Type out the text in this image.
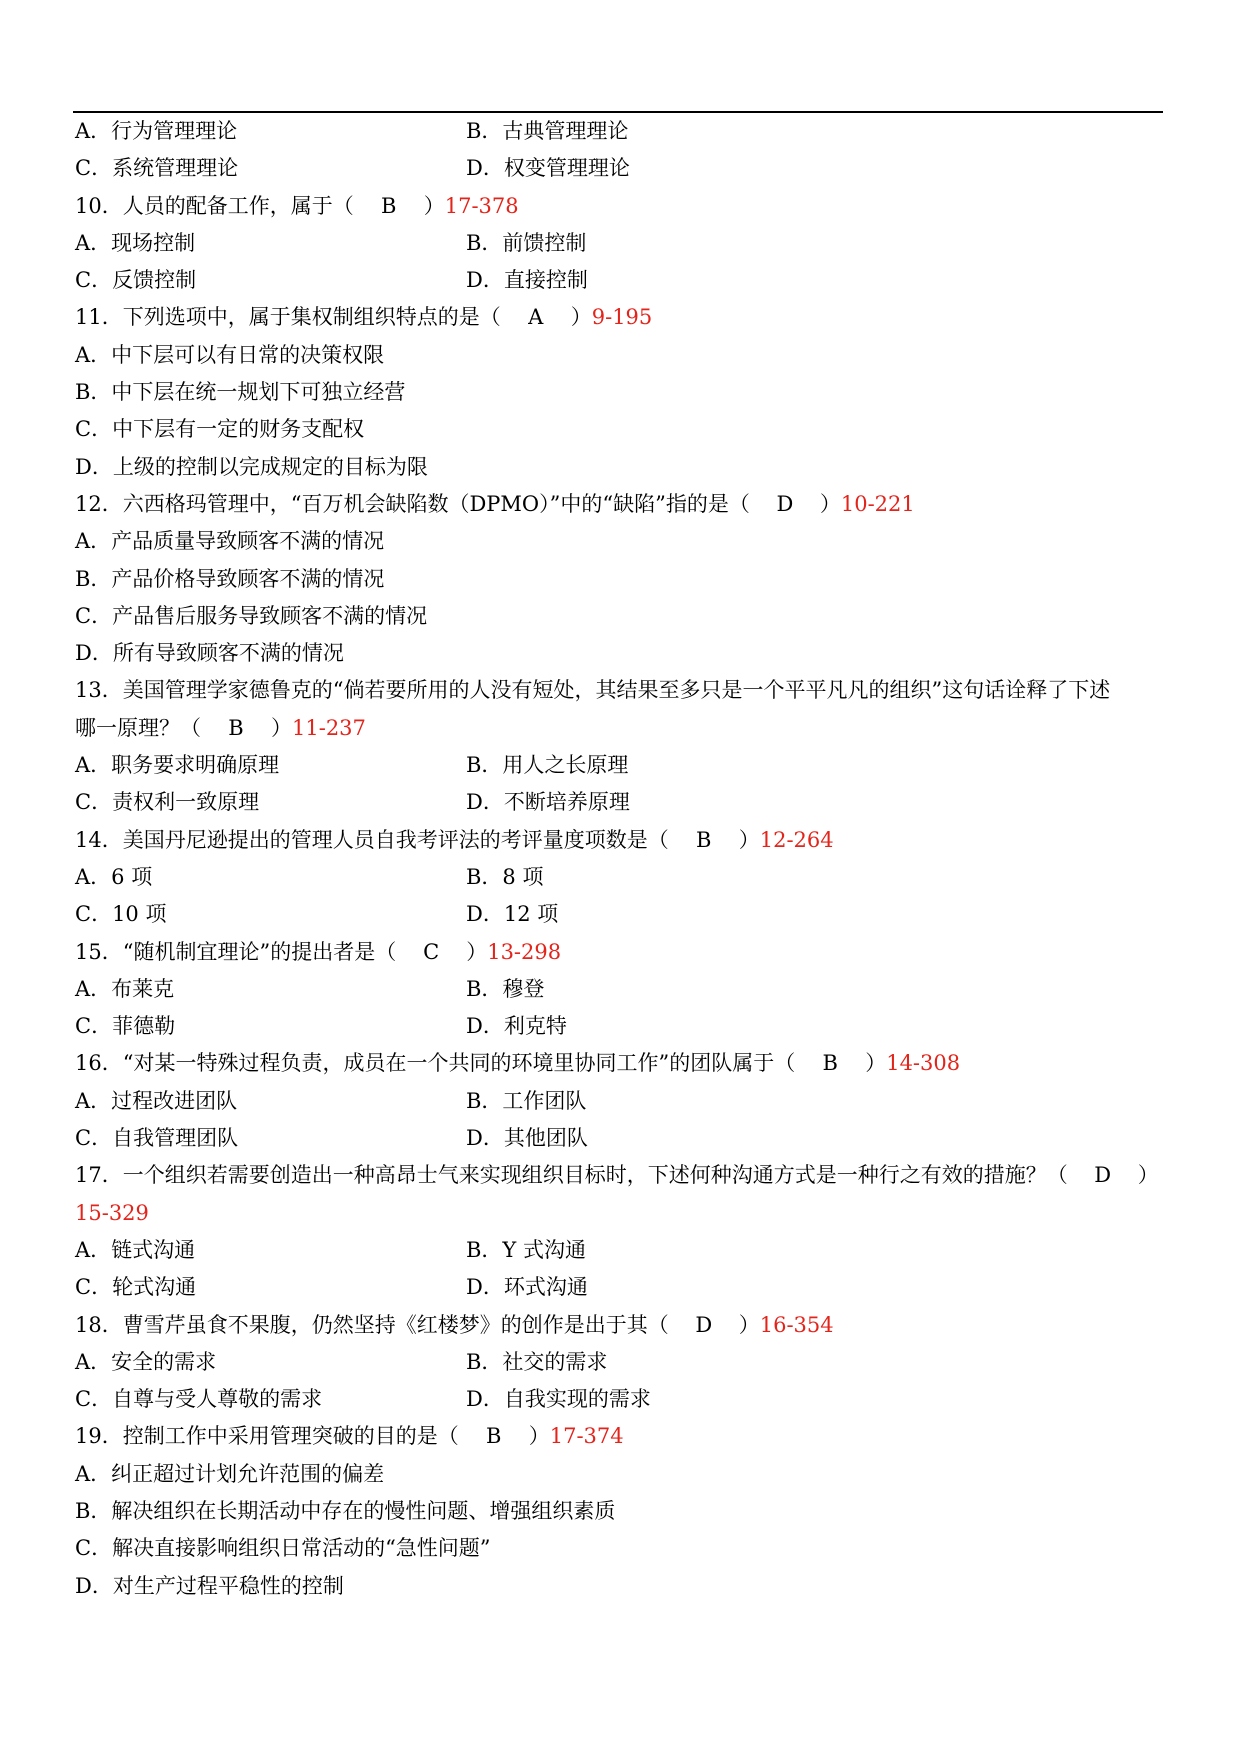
A．行为管理理论	B．古典管理理论
C．系统管理理论	D．权变管理理论
10．人员的配备工作，属于（ B ）17-378
A．现场控制	B．前馈控制
C．反馈控制	D．直接控制
11．下列选项中，属于集权制组织特点的是（ A ）9-195
A．中下层可以有日常的决策权限
B．中下层在统一规划下可独立经营
C．中下层有一定的财务支配权
D．上级的控制以完成规定的目标为限
12．六西格玛管理中，“百万机会缺陷数（DPMO）”中的“缺陷”指的是（ D ）10-221
A．产品质量导致顾客不满的情况
B．产品价格导致顾客不满的情况
C．产品售后服务导致顾客不满的情况
D．所有导致顾客不满的情况
13．美国管理学家德鲁克的“倘若要所用的人没有短处，其结果至多只是一个平平凡凡的组织”这句话诠释了下述
哪一原理？（ B ）11-237
A．职务要求明确原理	B．用人之长原理
C．责权利一致原理	D．不断培养原理
14．美国丹尼逊提出的管理人员自我考评法的考评量度项数是（ B ）12-264
A．6 项	B．8 项
C．10 项	D．12 项
15．“随机制宜理论”的提出者是（ C ）13-298
A．布莱克	B．穆登
C．菲德勒	D．利克特
16．“对某一特殊过程负责，成员在一个共同的环境里协同工作”的团队属于（ B ）14-308
A．过程改进团队	B．工作团队
C．自我管理团队	D．其他团队
17．一个组织若需要创造出一种高昂士气来实现组织目标时，下述何种沟通方式是一种行之有效的措施？（ D ）
15-329
A．链式沟通	B．Y 式沟通
C．轮式沟通	D．环式沟通
18．曹雪芹虽食不果腹，仍然坚持《红楼梦》的创作是出于其（ D ）16-354
A．安全的需求	B．社交的需求
C．自尊与受人尊敬的需求	D．自我实现的需求
19．控制工作中采用管理突破的目的是（ B ）17-374
A．纠正超过计划允许范围的偏差
B．解决组织在长期活动中存在的慢性问题、增强组织素质
C．解决直接影响组织日常活动的“急性问题”
D．对生产过程平稳性的控制
